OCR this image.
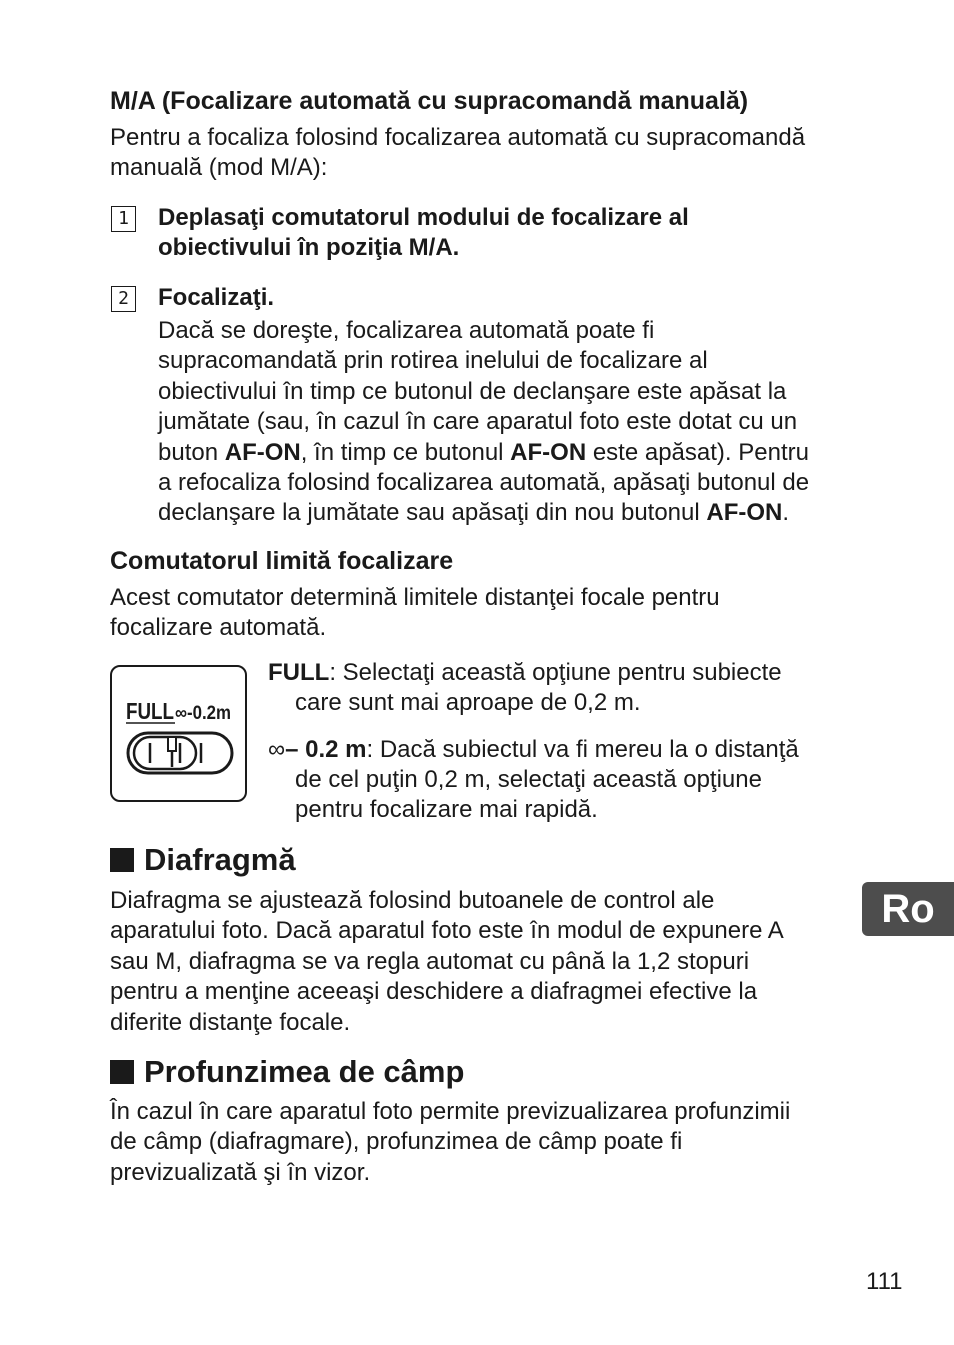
M/A (Focalizare automată cu supracomandă manuală)
Pentru a focaliza folosind focalizarea automată cu supracomandă
manuală (mod M/A):
1 Deplasaţi comutatorul modului de focalizare al
obiectivului în poziţia M/A.
2 Focalizaţi.
Dacă se doreşte, focalizarea automată poate fi
supracomandată prin rotirea inelului de focalizare al
obiectivului în timp ce butonul de declanşare este apăsat la
jumătate (sau, în cazul în care aparatul foto este dotat cu un
buton AF-ON, în timp ce butonul AF-ON este apăsat). Pentru
a refocaliza folosind focalizarea automată, apăsaţi butonul de
declanşare la jumătate sau apăsaţi din nou butonul AF-ON.
Comutatorul limită focalizare
Acest comutator determină limitele distanţei focale pentru
focalizare automată.
FULL ∞-0.2m
FULL: Selectaţi această opţiune pentru subiecte
care sunt mai aproape de 0,2 m.
∞– 0.2 m: Dacă subiectul va fi mereu la o distanţă
de cel puţin 0,2 m, selectaţi această opţiune
pentru focalizare mai rapidă.
Diafragmă
Diafragma se ajustează folosind butoanele de control ale
aparatului foto. Dacă aparatul foto este în modul de expunere A
sau M, diafragma se va regla automat cu până la 1,2 stopuri
pentru a menţine aceeaşi deschidere a diafragmei efective la
diferite distanţe focale.
Profunzimea de câmp
În cazul în care aparatul foto permite previzualizarea profunzimii
de câmp (diafragmare), profunzimea de câmp poate fi
previzualizată şi în vizor.
Ro
111
